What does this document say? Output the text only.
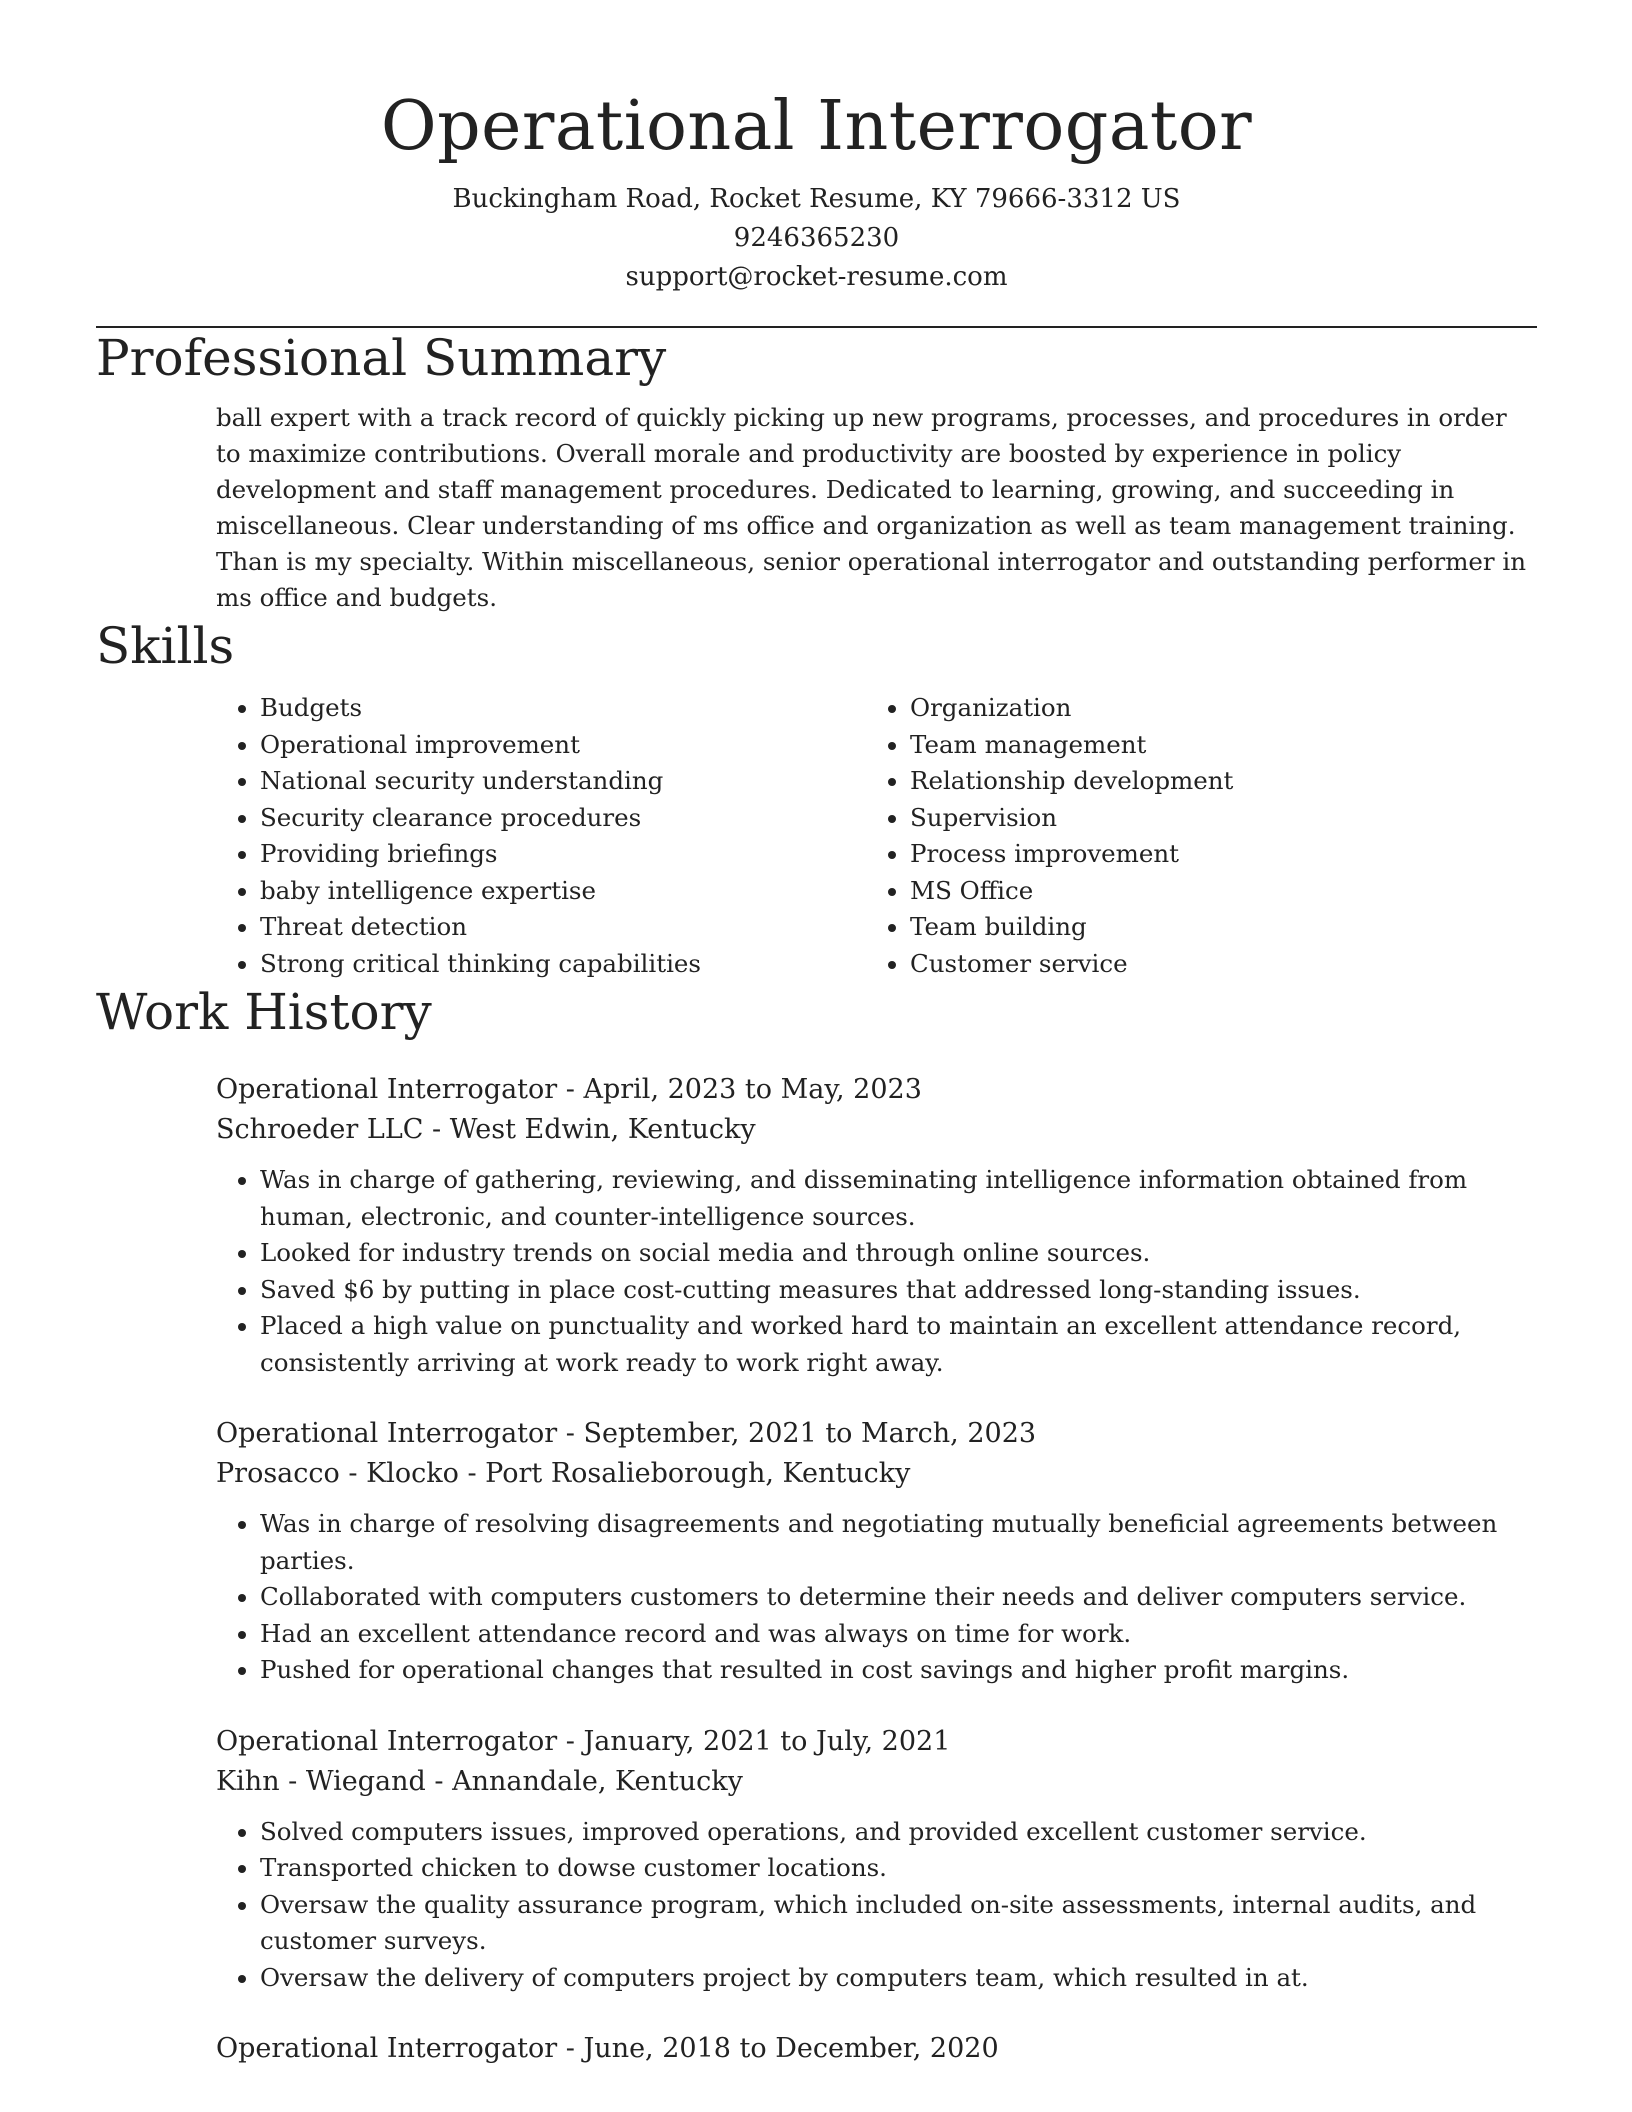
Operational Interrogator
Buckingham Road, Rocket Resume, KY 79666-3312 US
9246365230
support@rocket-resume.com
Professional Summary
ball expert with a track record of quickly picking up new programs, processes, and procedures in order to maximize contributions. Overall morale and productivity are boosted by experience in policy development and staff management procedures. Dedicated to learning, growing, and succeeding in miscellaneous. Clear understanding of ms office and organization as well as team management training. Than is my specialty. Within miscellaneous, senior operational interrogator and outstanding performer in ms office and budgets.
Skills
• Budgets
• Operational improvement
• National security understanding
• Security clearance procedures
• Providing briefings
• baby intelligence expertise
• Threat detection
• Strong critical thinking capabilities
• Organization
• Team management
• Relationship development
• Supervision
• Process improvement
• MS Office
• Team building
• Customer service
Work History
Operational Interrogator - April, 2023 to May, 2023
Schroeder LLC - West Edwin, Kentucky
• Was in charge of gathering, reviewing, and disseminating intelligence information obtained from human, electronic, and counter-intelligence sources.
• Looked for industry trends on social media and through online sources.
• Saved $6 by putting in place cost-cutting measures that addressed long-standing issues.
• Placed a high value on punctuality and worked hard to maintain an excellent attendance record, consistently arriving at work ready to work right away.
Operational Interrogator - September, 2021 to March, 2023
Prosacco - Klocko - Port Rosalieborough, Kentucky
• Was in charge of resolving disagreements and negotiating mutually beneficial agreements between parties.
• Collaborated with computers customers to determine their needs and deliver computers service.
• Had an excellent attendance record and was always on time for work.
• Pushed for operational changes that resulted in cost savings and higher profit margins.
Operational Interrogator - January, 2021 to July, 2021
Kihn - Wiegand - Annandale, Kentucky
• Solved computers issues, improved operations, and provided excellent customer service.
• Transported chicken to dowse customer locations.
• Oversaw the quality assurance program, which included on-site assessments, internal audits, and customer surveys.
• Oversaw the delivery of computers project by computers team, which resulted in at.
Operational Interrogator - June, 2018 to December, 2020
